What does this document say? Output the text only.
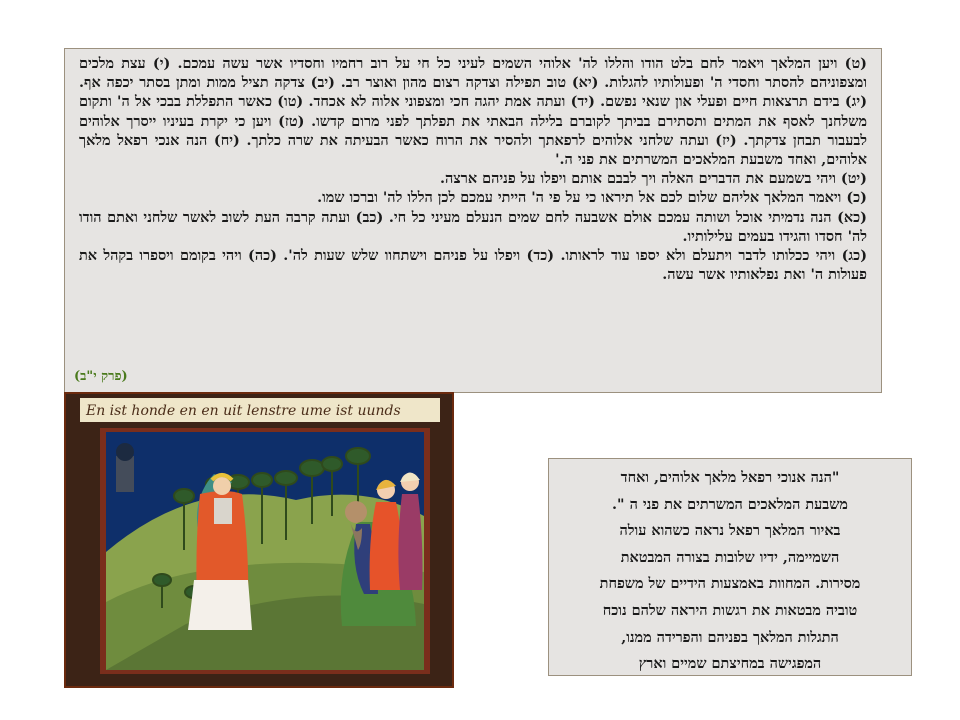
(ט) ויען המלאך ויאמר לחם בלט הודו והללו לה' אלוהי השמים לעיני כל חי על רוב רחמיו וחסדיו אשר עשה עמכם. (י) עצת מלכים ומצפוניהם להסתר וחסדי ה' ופעולותיו להגלות. (יא) טוב תפילה וצדקה רצום מהון ואוצר רב. (יב) צדקה תציל ממות ומתן בסתר יכפה אף. (יג) בידם תרצאות חיים ופעלי און שנאי נפשם. (יד) ועתה אמת יהגה חכי ומצפוני אלוה לא אכחד. (טו) כאשר התפללת בבכי אל ה' ותקום משלחנך לאסף את המתים ותסתירם בביתך לקוברם בלילה הבאתי את תפלתך לפני מרום קדשו. (טז) ויען כי יקרת בעיניו ייסרך אלוהים לבעבור תבחן צדקתך. (יז) ועתה שלחני אלוהים לרפאתך ולהסיר את הרוח כאשר הבעיתה את שרה כלתך. (יח) הנה אנכי רפאל מלאך אלוהים, ואחד משבעת המלאכים המשרתים את פני ה.'

(יט) ויהי בשמעם את הדברים האלה ויך לבבם אותם ויפלו על פניהם ארצה.

(כ) ויאמר המלאך אליהם שלום לכם אל תיראו כי על פי ה' הייתי עמכם לכן הללו לה' וברכו שמו.

(כא) הנה נדמיתי אוכל ושותה עמכם אולם אשבעה לחם שמים הנעלם מעיני כל חי. (כב) ועתה קרבה העת לשוב לאשר שלחני ואתם הודו לה' חסדו והגידו בעמים עלילותיו.

(כג) ויהי ככלותו לדבר ויתעלם ולא יספו עוד לראותו. (כד) ויפלו על פניהם וישתחוו שלש שעות לה'. (כה) ויהי בקומם ויספרו בקהל את פעולות ה' ואת נפלאותיו אשר עשה.

(פרק י"ב)
En ist honde en en uit lenstre ume ist uunds

"הנה אנוכי רפאל מלאך אלוהים, ואחד

משבעת המלאכים המשרתים את פני ה ".

באיור המלאך רפאל נראה כשהוא עולה

השמיימה, ידיו שלובות בצורה המבטאת

מסירות. המחוות באמצעות הידיים של משפחת

טוביה מבטאות את רגשות היראה שלהם נוכח

התגלות המלאך בפניהם והפרידה ממנו,

המפגישה במחיצתם שמיים וארץ
